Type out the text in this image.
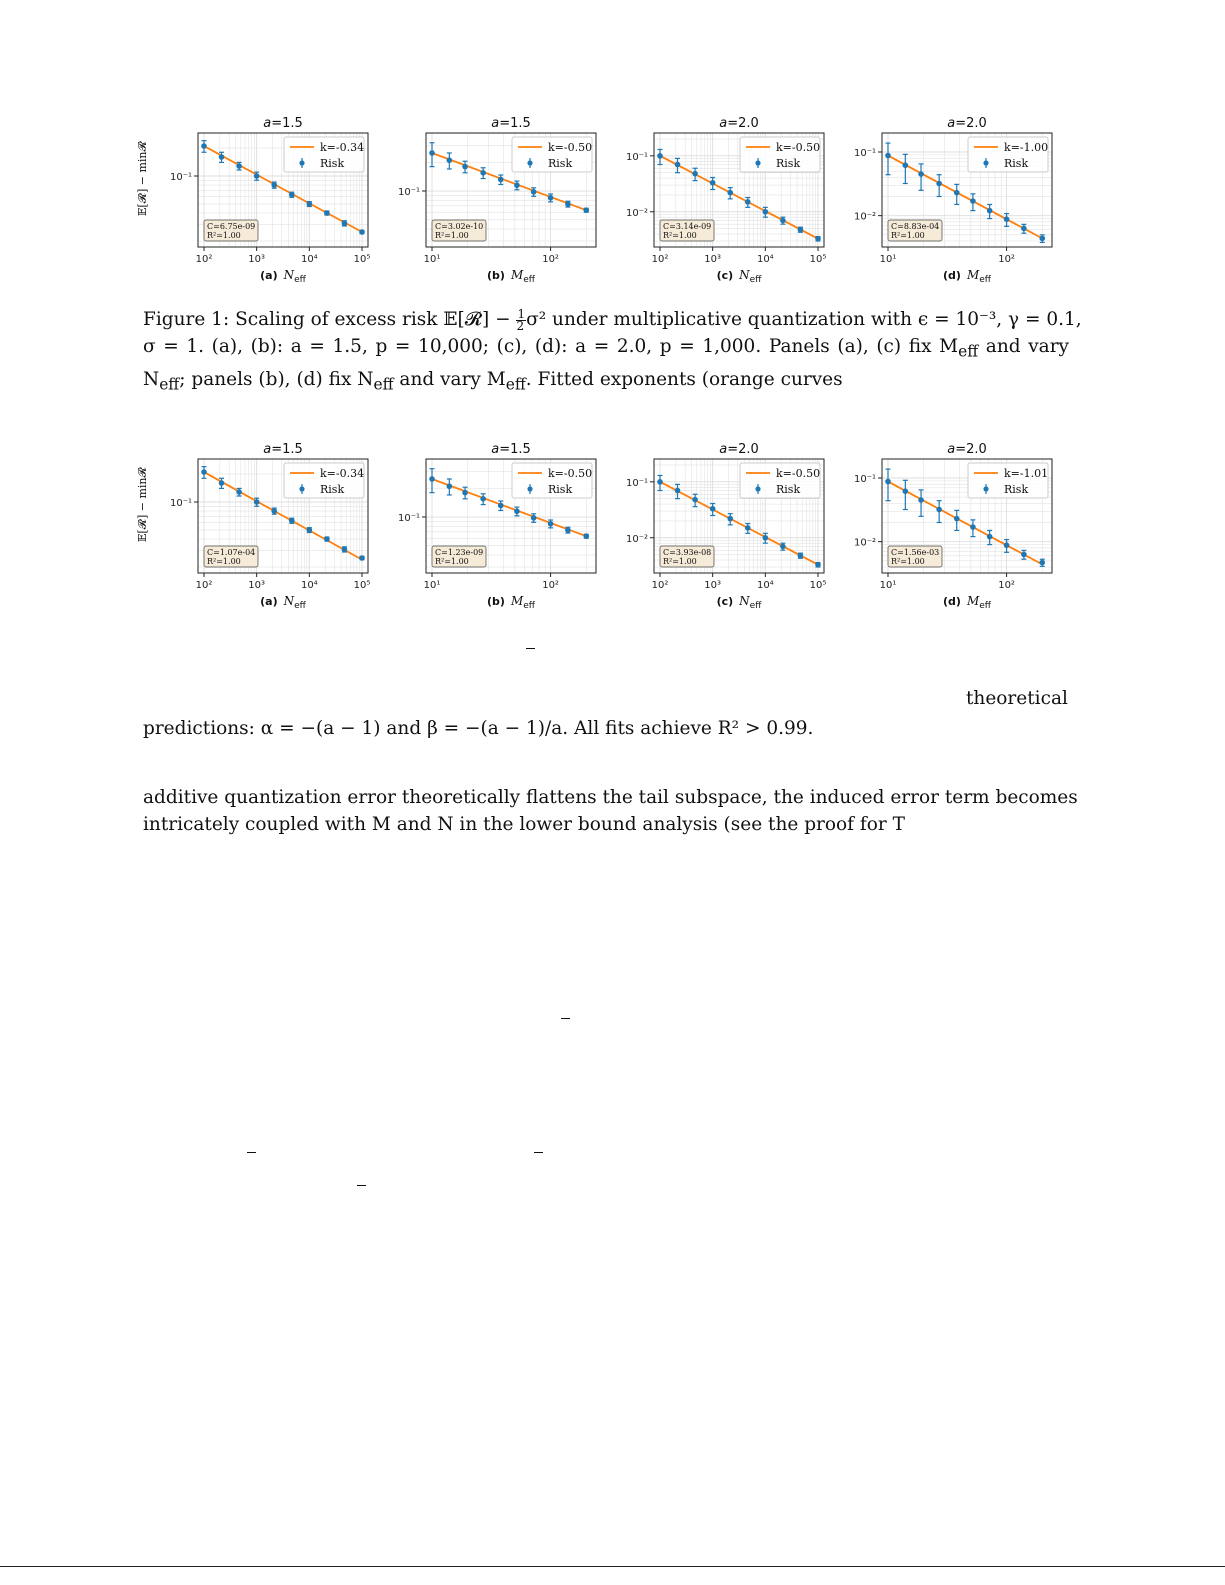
𝔼[𝓡] − min𝓡
a=1.5
10²	10³	10⁴	10⁵
10⁻¹
k=-0.34
Risk
C=6.75e-09
R²=1.00
(a) $N_{eff}$
a=1.5
10¹	10²
10⁻¹
k=-0.50
Risk
C=3.02e-10
R²=1.00
(b) $M_{eff}$
a=2.0
10²	10³	10⁴	10⁵
10⁻¹
10⁻²
k=-0.50
Risk
C=3.14e-09
R²=1.00
(c) $N_{eff}$
a=2.0
10¹	10²
10⁻¹
10⁻²
k=-1.00
Risk
C=8.83e-04
R²=1.00
(d) $M_{eff}$
Figure 1: Scaling of excess risk 𝔼[𝓡] − $\frac{1}{2} \sigma^2$ under multiplicative quantization with ϵ = 10⁻³, γ = 0.1,
σ = 1. (a), (b): a = 1.5, p = 10,000; (c), (d): a = 2.0, p = 1,000. Panels (a), (c) fix $M_{eff}$ and vary
$N_{eff}$; panels (b), (d) fix $N_{eff}$ and vary $M_{eff}$. Fitted exponents (orange curves
𝔼[𝓡] − min𝓡
a=1.5
10²	10³	10⁴	10⁵
10⁻¹
k=-0.34
Risk
C=1.07e-04
R²=1.00
(a) $N_{eff}$
a=1.5
10¹	10²
10⁻¹
k=-0.50
Risk
C=1.23e-09
R²=1.00
(b) $M_{eff}$
a=2.0
10²	10³	10⁴	10⁵
10⁻¹
10⁻²
k=-0.50
Risk
C=3.93e-08
R²=1.00
(c) $N_{eff}$
a=2.0
10¹	10²
10⁻¹
10⁻²
k=-1.01
Risk
C=1.56e-03
R²=1.00
(d) $M_{eff}$
theoretical
predictions: α = −(a − 1) and β = −(a − 1)/a. All fits achieve R² > 0.99.
additive quantization error theoretically flattens the tail subspace, the induced error term becomes
intricately coupled with M and N in the lower bound analysis (see the proof for T
